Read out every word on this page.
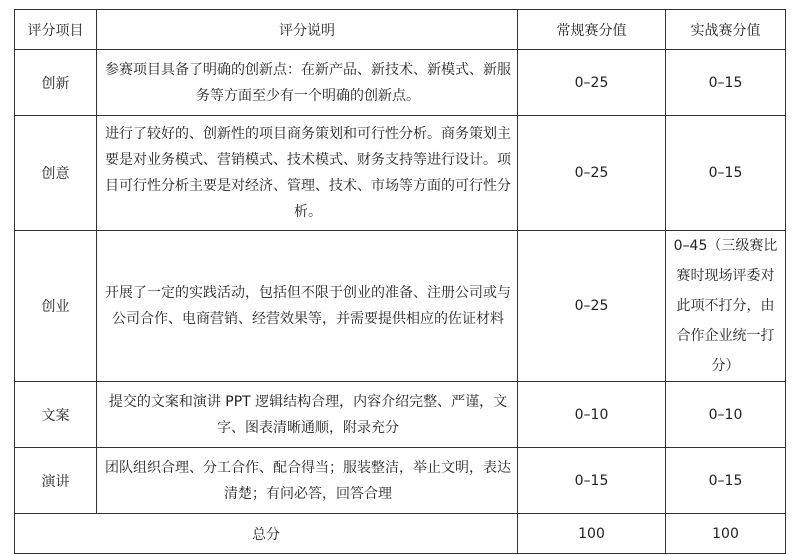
评分项目	评分说明	常规赛分值	实战赛分值
创新	参赛项目具备了明确的创新点：在新产品、新技术、新模式、新服务等方面至少有一个明确的创新点。	0–25	0–15
创意	进行了较好的、创新性的项目商务策划和可行性分析。商务策划主要是对业务模式、营销模式、技术模式、财务支持等进行设计。项目可行性分析主要是对经济、管理、技术、市场等方面的可行性分析。	0–25	0–15
创业	开展了一定的实践活动，包括但不限于创业的准备、注册公司或与公司合作、电商营销、经营效果等，并需要提供相应的佐证材料	0–25	0–45（三级赛比赛时现场评委对此项不打分，由合作企业统一打分）

文案	提交的文案和演讲 PPT 逻辑结构合理，内容介绍完整、严谨，文字、图表清晰通顺，附录充分	0–10	0–10
演讲	团队组织合理、分工合作、配合得当；服装整洁，举止文明，表达清楚；有问必答，回答合理	0–15	0–15
总分		100	100
